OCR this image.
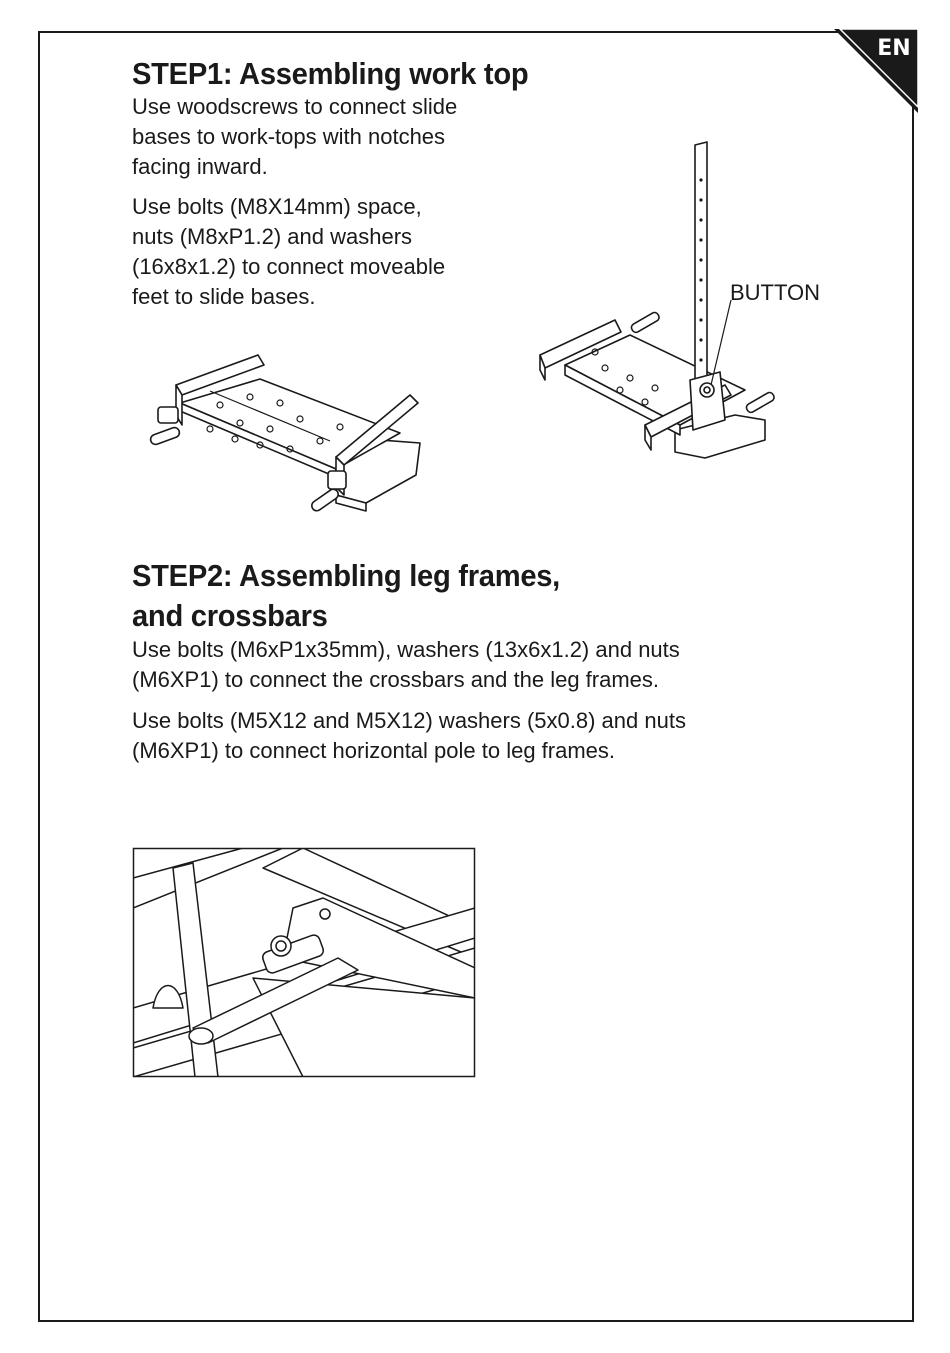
EN
STEP1: Assembling work top

Use woodscrews to connect slide
bases to work-tops with notches
facing inward.

Use bolts (M8X14mm) space,
nuts (M8xP1.2) and washers
(16x8x1.2) to connect moveable
feet to slide bases.	BUTTON
STEP2: Assembling leg frames,
and crossbars

Use bolts (M6xP1x35mm), washers (13x6x1.2) and nuts
(M6XP1) to connect the crossbars and the leg frames.

Use bolts (M5X12 and M5X12) washers (5x0.8) and nuts
(M6XP1) to connect horizontal pole to leg frames.
